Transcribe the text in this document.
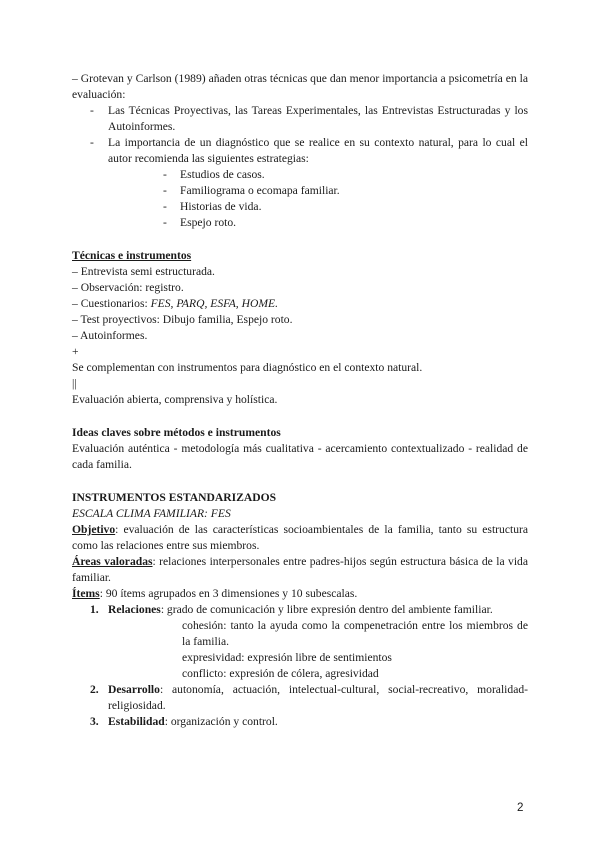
– Grotevan y Carlson (1989) añaden otras técnicas que dan menor importancia a psicometría en la evaluación:

- Las Técnicas Proyectivas, las Tareas Experimentales, las Entrevistas Estructuradas y los Autoinformes.
- La importancia de un diagnóstico que se realice en su contexto natural, para lo cual el autor recomienda las siguientes estrategias:
- Estudios de casos.
- Familiograma o ecomapa familiar.
- Historias de vida.
- Espejo roto.

Técnicas e instrumentos

– Entrevista semi estructurada.

– Observación: registro.

– Cuestionarios: FES, PARQ, ESFA, HOME.

– Test proyectivos: Dibujo familia, Espejo roto.

– Autoinformes.

+

Se complementan con instrumentos para diagnóstico en el contexto natural.

||

Evaluación abierta, comprensiva y holística.

Ideas claves sobre métodos e instrumentos

Evaluación auténtica - metodología más cualitativa - acercamiento contextualizado - realidad de cada familia.

INSTRUMENTOS ESTANDARIZADOS

ESCALA CLIMA FAMILIAR: FES

Objetivo: evaluación de las características socioambientales de la familia, tanto su estructura como las relaciones entre sus miembros.

Áreas valoradas: relaciones interpersonales entre padres-hijos según estructura básica de la vida familiar.

Ítems: 90 ítems agrupados en 3 dimensiones y 10 subescalas.

1. Relaciones: grado de comunicación y libre expresión dentro del ambiente familiar.

cohesión: tanto la ayuda como la compenetración entre los miembros de la familia.

expresividad: expresión libre de sentimientos

conflicto: expresión de cólera, agresividad

2. Desarrollo: autonomía, actuación, intelectual-cultural, social-recreativo, moralidad-religiosidad.
3. Estabilidad: organización y control.
2
